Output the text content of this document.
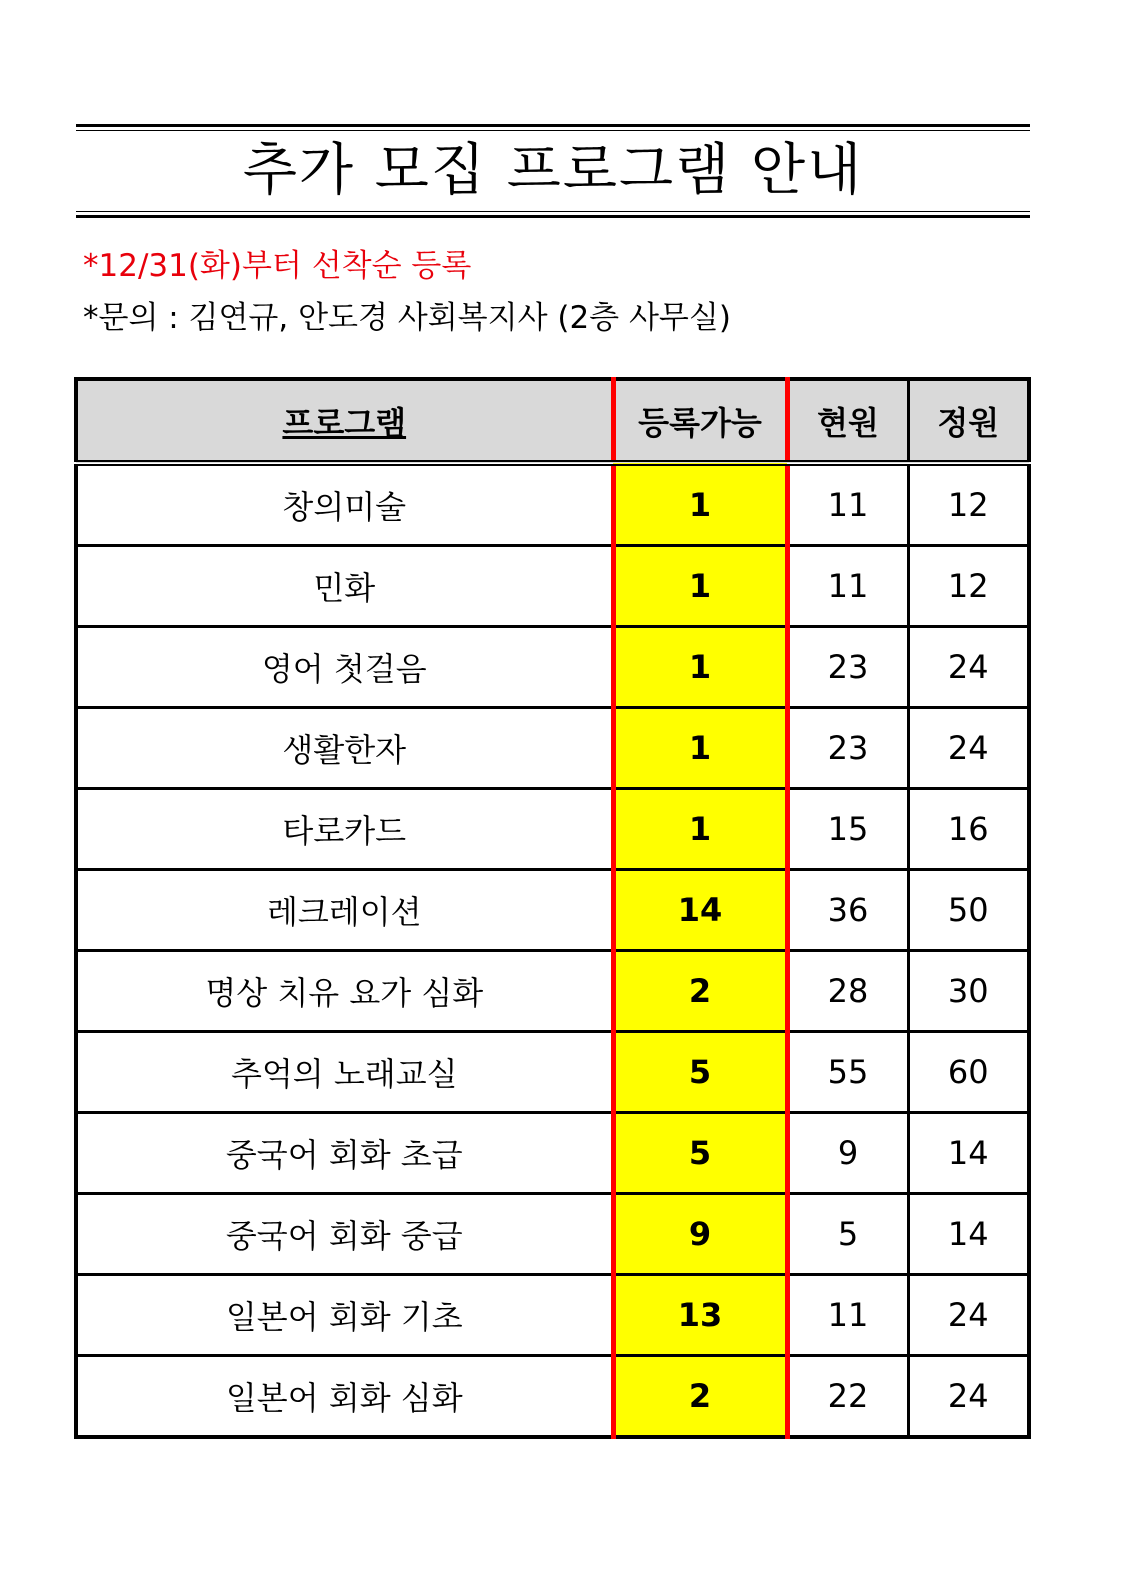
추가 모집 프로그램 안내
*12/31(화)부터 선착순 등록
*문의 : 김연규, 안도경 사회복지사 (2층 사무실)
프로그램	등록가능	현원	정원
창의미술	1	11	12
민화	1	11	12
영어 첫걸음	1	23	24
생활한자	1	23	24
타로카드	1	15	16
레크레이션	14	36	50
명상 치유 요가 심화	2	28	30
추억의 노래교실	5	55	60
중국어 회화 초급	5	9	14
중국어 회화 중급	9	5	14
일본어 회화 기초	13	11	24
일본어 회화 심화	2	22	24
